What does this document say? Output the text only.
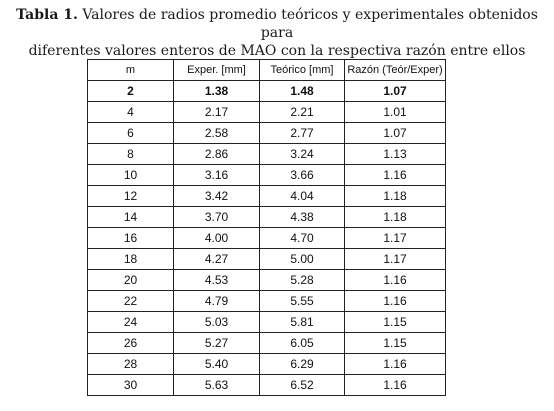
Tabla 1. Valores de radios promedio teóricos y experimentales obtenidos para
diferentes valores enteros de MAO con la respectiva razón entre ellos
m	Exper. [mm]	Teórico [mm]	Razón (Teór/Exper)
2	1.38	1.48	1.07
4	2.17	2.21	1.01
6	2.58	2.77	1.07
8	2.86	3.24	1.13
10	3.16	3.66	1.16
12	3.42	4.04	1.18
14	3.70	4.38	1.18
16	4.00	4.70	1.17
18	4.27	5.00	1.17
20	4.53	5.28	1.16
22	4.79	5.55	1.16
24	5.03	5.81	1.15
26	5.27	6.05	1.15
28	5.40	6.29	1.16
30	5.63	6.52	1.16
